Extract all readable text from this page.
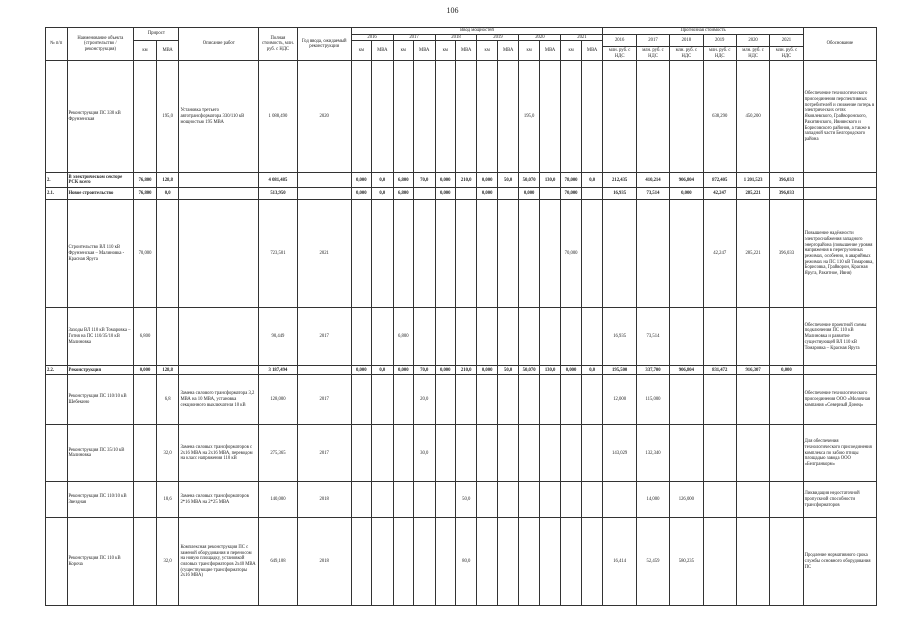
106
№ п/п	Наименование объекта (строительство / реконструкция)	Прирост		Описание работ	Полная стоимость, млн. руб. с НДС	Год ввода, ожидаемый реконструкции	Ввод мощностей												Прогнозная стоимость						Обоснование
							2016		2017		2018		2019		2020		2021		2016	2017	2018	2019	2020	2021	
		км	МВА				км	МВА	км	МВА	км	МВА	км	МВА	км	МВА	км	МВА							
																			млн. руб. с НДС	млн. руб. с НДС	млн. руб. с НДС	млн. руб. с НДС	млн. руб. с НДС	млн. руб. с НДС	
	Реконструкция ПС 330 кВ Фрунзенская		195,0	Установка третьего автотрансформатора 330/110 кВ мощностью 195 МВА	1 088,490	2020									195,0							638,290	450,200		Обеспечение технологического присоединения перспективных потребителей и снижение потерь в электрических сетях Яковлевского, Грайворонского, Ракитянского, Ивнянского и Борисовского районов, а также в западной части Белгородского района
2.	В электрическом секторе РСК всего	76,800	128,8		4 081,485		0,000	0,0	6,800	70,0	0,000	210,0	0,000	50,0	50,070	130,0	78,000	0,0	212,435	410,214	906,804	872,405	1 201,523	396,033	
2.1.	Новое строительство	76,800	0,0		513,950		0,000	0,0	6,800		0,000		0,000		0,000		70,000		16,935	73,514	0,000	42,247	285,221	396,033	
	Строительство ВЛ 110 кВ Фрунзенская – Малиновка - Красная Яруга	70,000			723,501	2021											70,000					42,247	285,221	396,033	Повышение надёжности электроснабжения западного энергорайона (повышение уровня напряжения в перегрузочных режимах, особенно, в аварийных режимах на ПС 110 кВ Томаровка, Борисовка, Грайворон, Красная Яруга, Ракитное, Ивня)
	Заходы ВЛ 110 кВ Томаровка – Готня на ПС 110/35/10 кВ Малиновка	6,800			90,449	2017			6,800										16,935	73,514					Обеспечение проектной схемы подключения ПС 110 кВ Малиновка и развитие существующей ВЛ 110 кВ Томаровка – Красная Яруга
2.2.	Реконструкция	0,000	128,8		3 187,494		0,000	0,0	0,000	70,0	0,000	210,0	0,000	50,0	50,070	130,0	0,000	0,0	195,500	337,700	906,804	831,472	916,307	0,000	
	Реконструкция ПС 110/10 кВ Шебекино		6,8	Замена силового трансформатора 3,2 МВА на 10 МВА, установка секционного выключателя 10 кВ	128,000	2017				20,0									12,000	115,000					Обеспечение технологического присоединения ООО «Молочная компания «Северный Донец»
	Реконструкция ПС 35/10 кВ Малиновка		32,0	Замена силовых трансформаторов с 2х16 МВА на 2х16 МВА, переводом на класс напряжения 110 кВ	275,365	2017				30,0									143,029	132,340					Для обеспечения технологического присоединения комплекса по забою птицы площадью завода ООО «Белгранкорм»
	Реконструкция ПС 110/10 кВ Звездная		18,6	Замена силовых трансформаторов 2*16 МВА на 2*25 МВА	140,000	2018						50,0								14,000	126,000				Ликвидация недостаточной пропускной способности трансформаторов
	Реконструкция ПС 110 кВ Корочa		32,0	Комплексная реконструкция ПС с заменой оборудования и переносом на новую площадку, установкой силовых трансформаторов 2х40 МВА (существующие трансформаторы 2х16 МВА)	649,108	2018						80,0							16,414	52,459	580,235				Продление нормативного срока службы основного оборудования ПС
